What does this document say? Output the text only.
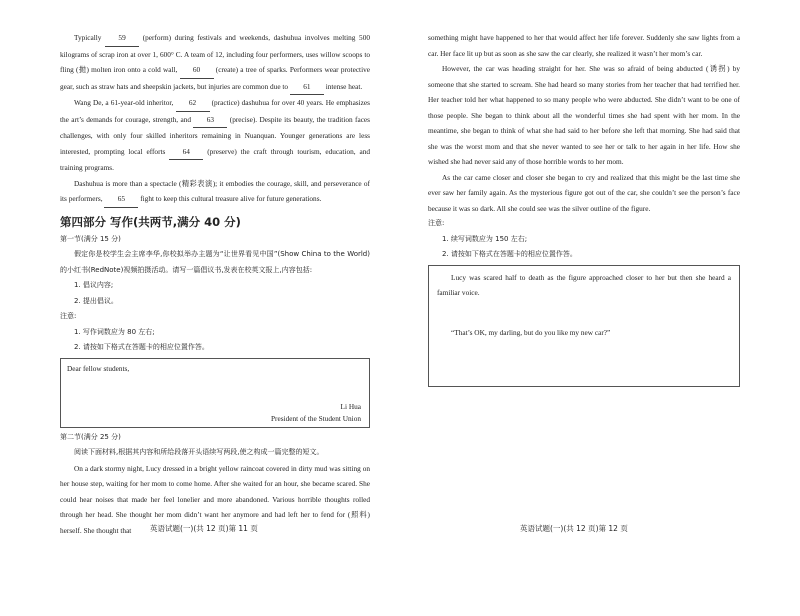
Typically 59 (perform) during festivals and weekends, dashuhua involves melting 500 kilograms of scrap iron at over 1, 600° C. A team of 12, including four performers, uses willow scoops to fling (拋) molten iron onto a cold wall, 60 (create) a tree of sparks. Performers wear protective gear, such as straw hats and sheepskin jackets, but injuries are common due to 61 intense heat.

Wang De, a 61-year-old inheritor, 62 (practice) dashuhua for over 40 years. He emphasizes the art’s demands for courage, strength, and 63 (precise). Despite its beauty, the tradition faces challenges, with only four skilled inheritors remaining in Nuanquan. Younger generations are less interested, prompting local efforts 64 (preserve) the craft through tourism, education, and training programs.

Dashuhua is more than a spectacle (精彩表演); it embodies the courage, skill, and perseverance of its performers, 65 fight to keep this cultural treasure alive for future generations.

第四部分 写作(共两节,满分 40 分)

第一节(满分 15 分)

假定你是校学生会主席李华,你校拟举办主题为“让世界看见中国”(Show China to the World)的小红书(RedNote)视频拍摄活动。请写一篇倡议书,发表在校英文报上,内容包括:

1. 倡议内容;

2. 提出倡议。

注意:

1. 写作词数应为 80 左右;

2. 请按如下格式在答题卡的相应位置作答。

Dear fellow students,

Li Hua

President of the Student Union

第二节(满分 25 分)

阅读下面材料,根据其内容和所给段落开头语续写两段,使之构成一篇完整的短文。

On a dark stormy night, Lucy dressed in a bright yellow raincoat covered in dirty mud was sitting on her house step, waiting for her mom to come home. After she waited for an hour, she became scared. She could hear noises that made her feel lonelier and more abandoned. Various horrible thoughts rolled through her head. She thought her mom didn’t want her anymore and had left her to fend for (照料) herself. She thought that	英语试题(一)(共 12 页)第 11 页

something might have happened to her that would affect her life forever. Suddenly she saw lights from a car. Her face lit up but as soon as she saw the car clearly, she realized it wasn’t her mom’s car.

However, the car was heading straight for her. She was so afraid of being abducted (诱拐) by someone that she started to scream. She had heard so many stories from her teacher that had terrified her. Her teacher told her what happened to so many people who were abducted. She didn’t want to be one of those people. She began to think about all the wonderful times she had spent with her mom. In the meantime, she began to think of what she had said to her before she left that morning. She had said that she was the worst mom and that she never wanted to see her or talk to her again in her life. How she wished she had never said any of those horrible words to her mom.

As the car came closer and closer she began to cry and realized that this might be the last time she ever saw her family again. As the mysterious figure got out of the car, she couldn’t see the person’s face because it was so dark. All she could see was the silver outline of the figure.

注意:

1. 续写词数应为 150 左右;

2. 请按如下格式在答题卡的相应位置作答。

Lucy was scared half to death as the figure approached closer to her but then she heard a familiar voice.

“That’s OK, my darling, but do you like my new car?”

英语试题(一)(共 12 页)第 12 页
